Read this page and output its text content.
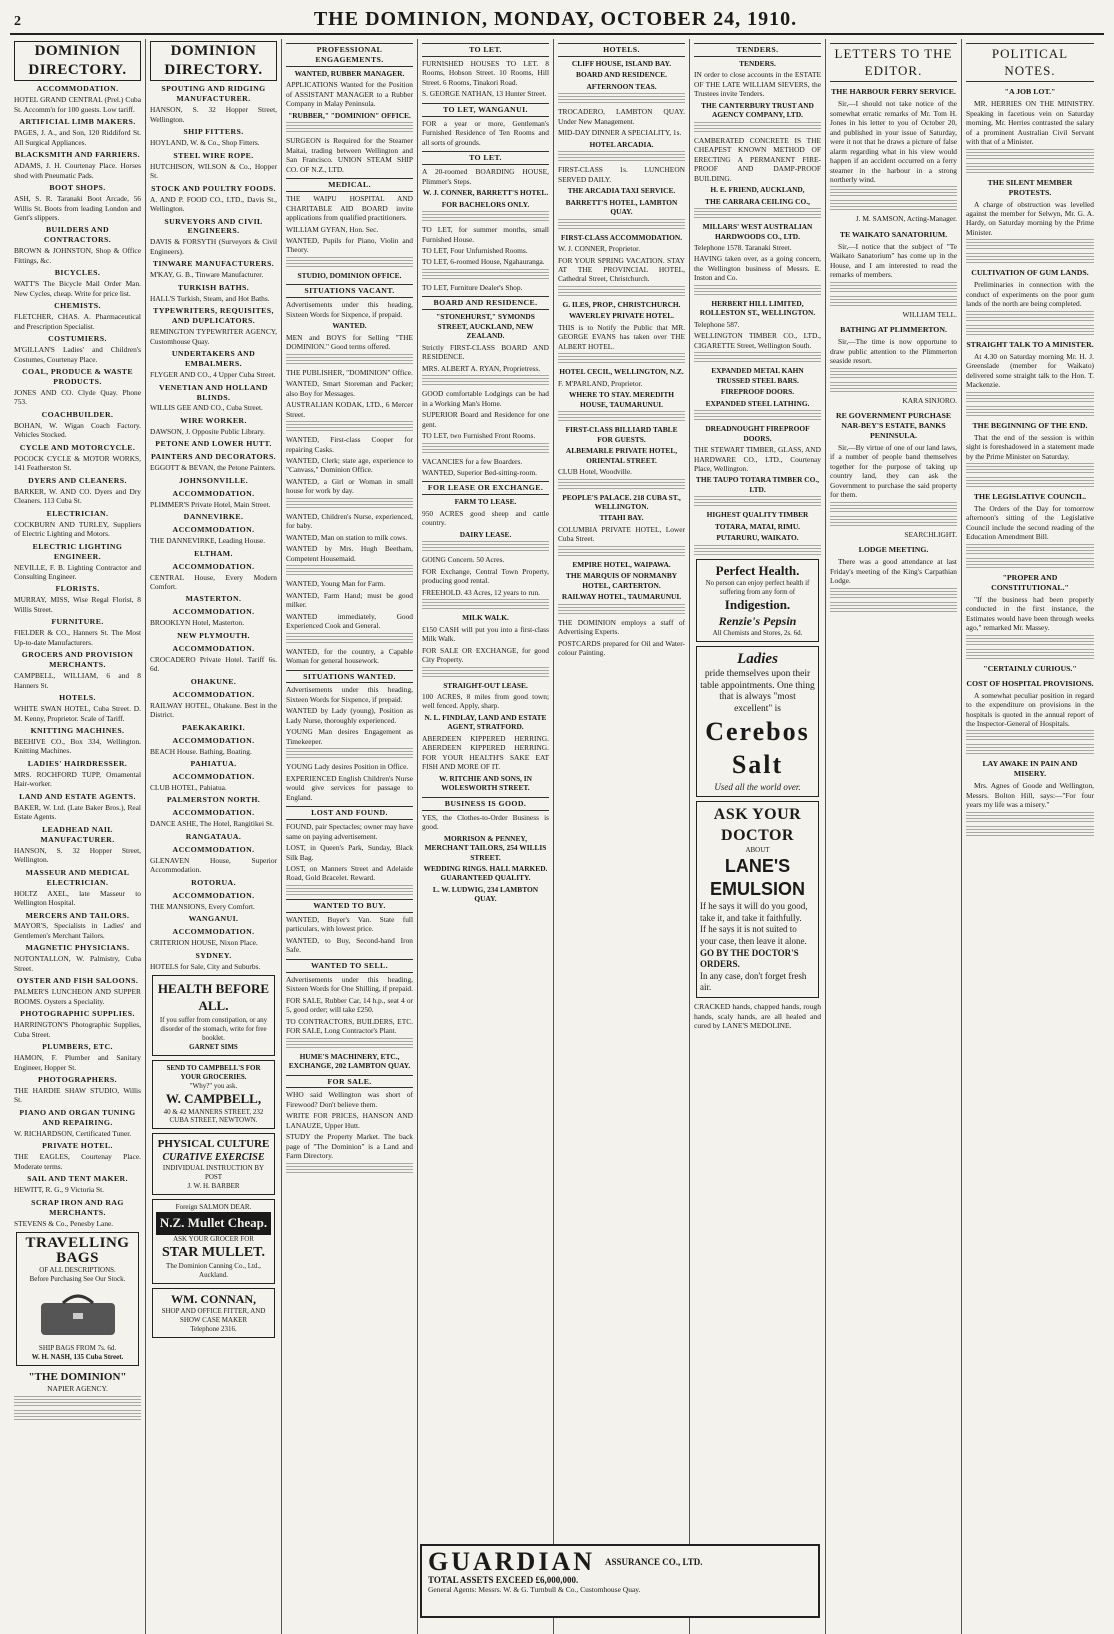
2	THE DOMINION, MONDAY, OCTOBER 24, 1910.
DOMINION DIRECTORY.
ACCOMMODATION.
HOTEL GRAND CENTRAL (Prel.) Cuba St. Accomm'n for 100 guests. Low tariff.
ARTIFICIAL LIMB MAKERS.
PAGES, J. A., and Son, 120 Riddiford St. All Surgical Appliances.
BLACKSMITH AND FARRIERS.
ADAMS, J. H. Courtenay Place. Horses shod with Pneumatic Pads.
BOOT SHOPS.
ASH, S. R. Taranaki Boot Arcade, 56 Willis St. Boots from leading London and Gent's slippers.
BUILDERS AND CONTRACTORS.
BROWN & JOHNSTON, Shop & Office Fittings, &c.
BICYCLES.
WATT'S The Bicycle Mail Order Man. New Cycles, cheap. Write for price list.
CHEMISTS.
FLETCHER, CHAS. A. Pharmaceutical and Prescription Specialist.
COSTUMIERS.
M'GILLAN'S Ladies' and Children's Costumes, Courtenay Place.
COAL, PRODUCE & WASTE PRODUCTS.
JONES AND CO. Clyde Quay. Phone 753.
COACHBUILDER.
BOHAN, W. Wigan Coach Factory. Vehicles Stocked.
CYCLE AND MOTORCYCLE.
POCOCK CYCLE & MOTOR WORKS, 141 Featherston St.
DYERS AND CLEANERS.
BARKER, W. AND CO. Dyers and Dry Cleaners. 113 Cuba St.
ELECTRICIAN.
COCKBURN AND TURLEY, Suppliers of Electric Lighting and Motors.
ELECTRIC LIGHTING ENGINEER.
NEVILLE, F. B. Lighting Contractor and Consulting Engineer.
FLORISTS.
MURRAY, MISS, Wise Regal Florist, 8 Willis Street.
FURNITURE.
FIELDER & CO., Hanners St. The Most Up-to-date Manufacturers.
GROCERS AND PROVISION MERCHANTS.
CAMPBELL, WILLIAM, 6 and 8 Hanners St.
HOTELS.
WHITE SWAN HOTEL, Cuba Street. D. M. Kenny, Proprietor. Scale of Tariff.
KNITTING MACHINES.
BEEHIVE CO., Box 334, Wellington. Knitting Machines.
LADIES' HAIRDRESSER.
MRS. ROCHFORD TUPP, Ornamental Hair-worker.
LAND AND ESTATE AGENTS.
BAKER, W. Ltd. (Late Baker Bros.), Real Estate Agents.
LEADHEAD NAIL MANUFACTURER.
HANSON, S. 32 Hopper Street, Wellington.
MASSEUR AND MEDICAL ELECTRICIAN.
HOLTZ AXEL, late Masseur to Wellington Hospital.
MERCERS AND TAILORS.
MAYOR'S, Specialists in Ladies' and Gentlemen's Merchant Tailors.
MAGNETIC PHYSICIANS.
NOTONTALLON, W. Palmistry, Cuba Street.
OYSTER AND FISH SALOONS.
PALMER'S LUNCHEON AND SUPPER ROOMS. Oysters a Speciality.
PHOTOGRAPHIC SUPPLIES.
HARRINGTON'S Photographic Supplies, Cuba Street.
PLUMBERS, ETC.
HAMON, F. Plumber and Sanitary Engineer, Hopper St.
PHOTOGRAPHERS.
THE HARDIE SHAW STUDIO, Willis St.
PIANO AND ORGAN TUNING AND REPAIRING.
W. RICHARDSON, Certificated Tuner.
PRIVATE HOTEL.
THE EAGLES, Courtenay Place. Moderate terms.
SAIL AND TENT MAKER.
HEWITT, R. G., 9 Victoria St.
SCRAP IRON AND RAG MERCHANTS.
STEVENS & Co., Penesby Lane.
TRAVELLING BAGS
OF ALL DESCRIPTIONS.
Before Purchasing See Our Stock.
SHIP BAGS FROM 7s. 6d.
W. H. NASH, 135 Cuba Street.
"THE DOMINION"
NAPIER AGENCY.
DOMINION DIRECTORY.
SPOUTING AND RIDGING MANUFACTURER.
HANSON, S. 32 Hopper Street, Wellington.
SHIP FITTERS.
HOYLAND, W. & Co., Shop Fitters.
STEEL WIRE ROPE.
HUTCHISON, WILSON & Co., Hopper St.
STOCK AND POULTRY FOODS.
A. AND P. FOOD CO., LTD., Davis St., Wellington.
SURVEYORS AND CIVIL ENGINEERS.
DAVIS & FORSYTH (Surveyors & Civil Engineers).
TINWARE MANUFACTURERS.
M'KAY, G. B., Tinware Manufacturer.
TURKISH BATHS.
HALL'S Turkish, Steam, and Hot Baths.
TYPEWRITERS, REQUISITES, AND DUPLICATORS.
REMINGTON TYPEWRITER AGENCY, Customhouse Quay.
UNDERTAKERS AND EMBALMERS.
FLYGER AND CO., 4 Upper Cuba Street.
VENETIAN AND HOLLAND BLINDS.
WILLIS GEE AND CO., Cuba Street.
WIRE WORKER.
DAWSON, J. Opposite Public Library.
PETONE AND LOWER HUTT.
PAINTERS AND DECORATORS.
EGGOTT & BEVAN, the Petone Painters.
JOHNSONVILLE.
ACCOMMODATION.
PLIMMER'S Private Hotel, Main Street.
DANNEVIRKE.
ACCOMMODATION.
THE DANNEVIRKE, Leading House.
ELTHAM.
ACCOMMODATION.
CENTRAL House, Every Modern Comfort.
MASTERTON.
ACCOMMODATION.
BROOKLYN Hotel, Masterton.
NEW PLYMOUTH.
ACCOMMODATION.
CROCADERO Private Hotel. Tariff 6s. 6d.
OHAKUNE.
ACCOMMODATION.
RAILWAY HOTEL, Ohakune. Best in the District.
PAEKAKARIKI.
ACCOMMODATION.
BEACH House. Bathing, Boating.
PAHIATUA.
ACCOMMODATION.
CLUB HOTEL, Pahiatua.
PALMERSTON NORTH.
ACCOMMODATION.
DANCE ASHE, The Hotel, Rangitikei St.
RANGATAUA.
ACCOMMODATION.
GLENAVEN House, Superior Accommodation.
ROTORUA.
ACCOMMODATION.
THE MANSIONS, Every Comfort.
WANGANUI.
ACCOMMODATION.
CRITERION HOUSE, Nixon Place.
SYDNEY.
HOTELS for Sale, City and Suburbs.
HEALTH BEFORE ALL.
If you suffer from constipation, or any disorder of the stomach, write for free booklet.
GARNET SIMS
SEND TO CAMPBELL'S FOR YOUR GROCERIES.
"Why?" you ask.
W. CAMPBELL,
40 & 42 MANNERS STREET, 232 CUBA STREET, NEWTOWN.
PHYSICAL CULTURE
CURATIVE EXERCISE
INDIVIDUAL INSTRUCTION BY POST
J. W. H. BARBER
Foreign SALMON DEAR.
N.Z. Mullet Cheap.
ASK YOUR GROCER FOR
STAR MULLET.
The Dominion Canning Co., Ltd., Auckland.
WM. CONNAN,
SHOP AND OFFICE FITTER, AND SHOW CASE MAKER
Telephone 2316.
PROFESSIONAL ENGAGEMENTS.
WANTED, RUBBER MANAGER.
APPLICATIONS Wanted for the Position of ASSISTANT MANAGER to a Rubber Company in Malay Peninsula.
"RUBBER," "DOMINION" OFFICE.
SURGEON is Required for the Steamer Maitai, trading between Wellington and San Francisco. UNION STEAM SHIP CO. OF N.Z., LTD.
MEDICAL.
THE WAIPU HOSPITAL AND CHARITABLE AID BOARD invite applications from qualified practitioners.
WILLIAM GYFAN, Hon. Sec.
WANTED, Pupils for Piano, Violin and Theory.
STUDIO, DOMINION OFFICE.
SITUATIONS VACANT.
Advertisements under this heading, Sixteen Words for Sixpence, if prepaid.
WANTED.
MEN and BOYS for Selling "THE DOMINION." Good terms offered.
THE PUBLISHER, "DOMINION" Office.
WANTED, Smart Storeman and Packer; also Boy for Messages.
AUSTRALIAN KODAK, LTD., 6 Mercer Street.
WANTED, First-class Cooper for repairing Casks.
WANTED, Clerk; state age, experience to "Canvass," Dominion Office.
WANTED, a Girl or Woman in small house for work by day.
WANTED, Children's Nurse, experienced, for baby.
WANTED, Man on station to milk cows.
WANTED by Mrs. Hugh Beetham, Competent Housemaid.
WANTED, Young Man for Farm.
WANTED, Farm Hand; must be good milker.
WANTED immediately, Good Experienced Cook and General.
WANTED, for the country, a Capable Woman for general housework.
SITUATIONS WANTED.
Advertisements under this heading, Sixteen Words for Sixpence, if prepaid.
WANTED by Lady (young), Position as Lady Nurse, thoroughly experienced.
YOUNG Man desires Engagement as Timekeeper.
YOUNG Lady desires Position in Office.
EXPERIENCED English Children's Nurse would give services for passage to England.
LOST AND FOUND.
FOUND, pair Spectacles; owner may have same on paying advertisement.
LOST, in Queen's Park, Sunday, Black Silk Bag.
LOST, on Manners Street and Adelaide Road, Gold Bracelet. Reward.
WANTED TO BUY.
WANTED, Buyer's Van. State full particulars, with lowest price.
WANTED, to Buy, Second-hand Iron Safe.
WANTED TO SELL.
Advertisements under this heading, Sixteen Words for One Shilling, if prepaid.
FOR SALE, Rubber Car, 14 h.p., seat 4 or 5, good order; will take £250.
TO CONTRACTORS, BUILDERS, ETC. FOR SALE, Long Contractor's Plant.
HUME'S MACHINERY, ETC., EXCHANGE, 202 LAMBTON QUAY.
FOR SALE.
WHO said Wellington was short of Firewood? Don't believe them.
WRITE FOR PRICES, HANSON AND LANAUZE, Upper Hutt.
STUDY the Property Market. The back page of "The Dominion" is a Land and Farm Directory.
TO LET.
FURNISHED HOUSES TO LET. 8 Rooms, Hobson Street. 10 Rooms, Hill Street. 6 Rooms, Tinakori Road.
S. GEORGE NATHAN, 13 Hunter Street.
TO LET, WANGANUI.
FOR a year or more, Gentleman's Furnished Residence of Ten Rooms and all sorts of grounds.
TO LET.
A 20-roomed BOARDING HOUSE, Plimmer's Steps.
W. J. CONNER, BARRETT'S HOTEL.
FOR BACHELORS ONLY.
TO LET, for summer months, small Furnished House.
TO LET, Four Unfurnished Rooms.
TO LET, 6-roomed House, Ngahauranga.
TO LET, Furniture Dealer's Shop.
BOARD AND RESIDENCE.
"STONEHURST," SYMONDS STREET, AUCKLAND, NEW ZEALAND.
Strictly FIRST-CLASS BOARD AND RESIDENCE.
MRS. ALBERT A. RYAN, Proprietress.
GOOD comfortable Lodgings can be had in a Working Man's Home.
SUPERIOR Board and Residence for one gent.
TO LET, two Furnished Front Rooms.
VACANCIES for a few Boarders.
WANTED, Superior Bed-sitting-room.
FOR LEASE OR EXCHANGE.
FARM TO LEASE.
950 ACRES good sheep and cattle country.
DAIRY LEASE.
GOING Concern. 50 Acres.
FOR Exchange, Central Town Property, producing good rental.
FREEHOLD. 43 Acres, 12 years to run.
MILK WALK.
£150 CASH will put you into a first-class Milk Walk.
FOR SALE OR EXCHANGE, for good City Property.
STRAIGHT-OUT LEASE.
100 ACRES, 8 miles from good town; well fenced. Apply, sharp.
N. L. FINDLAY, LAND AND ESTATE AGENT, STRATFORD.
ABERDEEN KIPPERED HERRING. ABERDEEN KIPPERED HERRING. FOR YOUR HEALTH'S SAKE EAT FISH AND MORE OF IT.
W. RITCHIE AND SONS, IN WOLESWORTH STREET.
BUSINESS IS GOOD.
YES, the Clothes-to-Order Business is good.
MORRISON & PENNEY, MERCHANT TAILORS, 254 WILLIS STREET.
WEDDING RINGS. HALL MARKED. GUARANTEED QUALITY.
L. W. LUDWIG, 234 LAMBTON QUAY.
HOTELS.
CLIFF HOUSE, ISLAND BAY.
BOARD AND RESIDENCE.
AFTERNOON TEAS.
TROCADERO, LAMBTON QUAY. Under New Management.
MID-DAY DINNER A SPECIALITY, 1s.
HOTEL ARCADIA.
FIRST-CLASS 1s. LUNCHEON SERVED DAILY.
THE ARCADIA TAXI SERVICE.
BARRETT'S HOTEL, LAMBTON QUAY.
FIRST-CLASS ACCOMMODATION.
W. J. CONNER, Proprietor.
FOR YOUR SPRING VACATION. STAY AT THE PROVINCIAL HOTEL, Cathedral Street, Christchurch.
G. ILES, PROP., CHRISTCHURCH.
WAVERLEY PRIVATE HOTEL.
THIS is to Notify the Public that MR. GEORGE EVANS has taken over THE ALBERT HOTEL.
HOTEL CECIL, WELLINGTON, N.Z.
F. M'PARLAND, Proprietor.
WHERE TO STAY. MEREDITH HOUSE, TAUMARUNUI.
FIRST-CLASS BILLIARD TABLE FOR GUESTS.
ALBEMARLE PRIVATE HOTEL, ORIENTAL STREET.
CLUB Hotel, Woodville.
PEOPLE'S PALACE. 218 CUBA ST., WELLINGTON.
TITAHI BAY.
COLUMBIA PRIVATE HOTEL, Lower Cuba Street.
EMPIRE HOTEL, WAIPAWA.
THE MARQUIS OF NORMANBY HOTEL, CARTERTON.
RAILWAY HOTEL, TAUMARUNUI.
THE DOMINION employs a staff of Advertising Experts.
POSTCARDS prepared for Oil and Water-colour Painting.
TENDERS.
TENDERS.
IN order to close accounts in the ESTATE OF THE LATE WILLIAM SIEVERS, the Trustees invite Tenders.
THE CANTERBURY TRUST AND AGENCY COMPANY, LTD.
CAMBERATED CONCRETE IS THE CHEAPEST KNOWN METHOD OF ERECTING A PERMANENT FIRE-PROOF AND DAMP-PROOF BUILDING.
H. E. FRIEND, AUCKLAND,
THE CARRARA CEILING CO.,
MILLARS' WEST AUSTRALIAN HARDWOODS CO., LTD.
Telephone 1578. Taranaki Street.
HAVING taken over, as a going concern, the Wellington business of Messrs. E. Inston and Co.
HERBERT HILL LIMITED, ROLLESTON ST., WELLINGTON.
Telephone 587.
WELLINGTON TIMBER CO., LTD., CIGARETTE Street, Wellington South.
EXPANDED METAL KAHN TRUSSED STEEL BARS.
FIREPROOF DOORS.
EXPANDED STEEL LATHING.
DREADNOUGHT FIREPROOF DOORS.
THE STEWART TIMBER, GLASS, AND HARDWARE CO., LTD., Courtenay Place, Wellington.
THE TAUPO TOTARA TIMBER CO., LTD.
HIGHEST QUALITY TIMBER
TOTARA, MATAI, RIMU.
PUTARURU, WAIKATO.
Perfect Health.
No person can enjoy perfect health if suffering from any form of
Indigestion.
Renzie's Pepsin
All Chemists and Stores, 2s. 6d.
Ladies
pride themselves upon their table appointments. One thing that is always "most excellent" is
Cerebos Salt
Used all the world over.
ASK YOUR DOCTOR
ABOUT
LANE'S EMULSION
If he says it will do you good, take it, and take it faithfully.
If he says it is not suited to your case, then leave it alone.
GO BY THE DOCTOR'S ORDERS.
In any case, don't forget fresh air.
CRACKED hands, chapped hands, rough hands, scaly hands, are all healed and cured by LANE'S MEDOLINE.
LETTERS TO THE EDITOR.
THE HARBOUR FERRY SERVICE.
Sir,—I should not take notice of the somewhat erratic remarks of Mr. Tom H. Jones in his letter to you of October 20, and published in your issue of Saturday, were it not that he draws a picture of false alarm regarding what in his view would happen if an accident occurred on a ferry steamer in the harbour in a strong northerly wind.
J. M. SAMSON, Acting-Manager.
TE WAIKATO SANATORIUM.
Sir,—I notice that the subject of "Te Waikato Sanatorium" has come up in the House, and I am interested to read the remarks of members.
WILLIAM TELL.
BATHING AT PLIMMERTON.
Sir,—The time is now opportune to draw public attention to the Plimmerton seaside resort.
KARA SINJORO.
RE GOVERNMENT PURCHASE NAR-BEY'S ESTATE, BANKS PENINSULA.
Sir,—By virtue of one of our land laws, if a number of people band themselves together for the purpose of taking up country land, they can ask the Government to purchase the said property for them.
SEARCHLIGHT.
LODGE MEETING.
There was a good attendance at last Friday's meeting of the King's Carpathian Lodge.
POLITICAL NOTES.
"A JOB LOT."
MR. HERRIES ON THE MINISTRY. Speaking in facetious vein on Saturday morning, Mr. Herries contrasted the salary of a prominent Australian Civil Servant with that of a Minister.
THE SILENT MEMBER PROTESTS.
A charge of obstruction was levelled against the member for Selwyn, Mr. G. A. Hardy, on Saturday morning by the Prime Minister.
CULTIVATION OF GUM LANDS.
Preliminaries in connection with the conduct of experiments on the poor gum lands of the north are being completed.
STRAIGHT TALK TO A MINISTER.
At 4.30 on Saturday morning Mr. H. J. Greenslade (member for Waikato) delivered some straight talk to the Hon. T. Mackenzie.
THE BEGINNING OF THE END.
That the end of the session is within sight is foreshadowed in a statement made by the Prime Minister on Saturday.
THE LEGISLATIVE COUNCIL.
The Orders of the Day for tomorrow afternoon's sitting of the Legislative Council include the second reading of the Education Amendment Bill.
"PROPER AND CONSTITUTIONAL."
"If the business had been properly conducted in the first instance, the Estimates would have been through weeks ago," remarked Mr. Massey.
"CERTAINLY CURIOUS."
COST OF HOSPITAL PROVISIONS.
A somewhat peculiar position in regard to the expenditure on provisions in the hospitals is quoted in the annual report of the Inspector-General of Hospitals.
LAY AWAKE IN PAIN AND MISERY.
Mrs. Agnes of Goode and Wellington, Messrs. Bolton Hill, says:—"For four years my life was a misery."
GUARDIAN ASSURANCE CO., LTD.
TOTAL ASSETS EXCEED £6,000,000.
General Agents: Messrs. W. & G. Turnbull & Co., Customhouse Quay.
